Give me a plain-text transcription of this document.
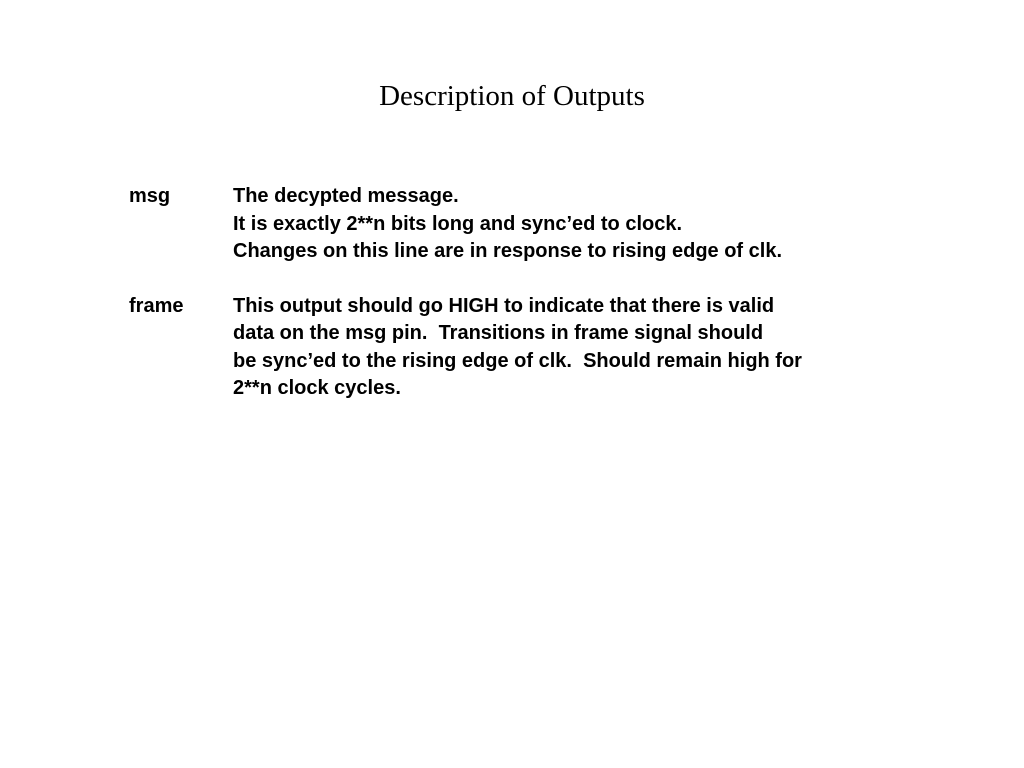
Description of Outputs
msg	The decypted message.
It is exactly 2**n bits long and sync’ed to clock.
Changes on this line are in response to rising edge of clk.
frame	This output should go HIGH to indicate that there is valid
data on the msg pin.  Transitions in frame signal should
be sync’ed to the rising edge of clk.  Should remain high for
2**n clock cycles.
